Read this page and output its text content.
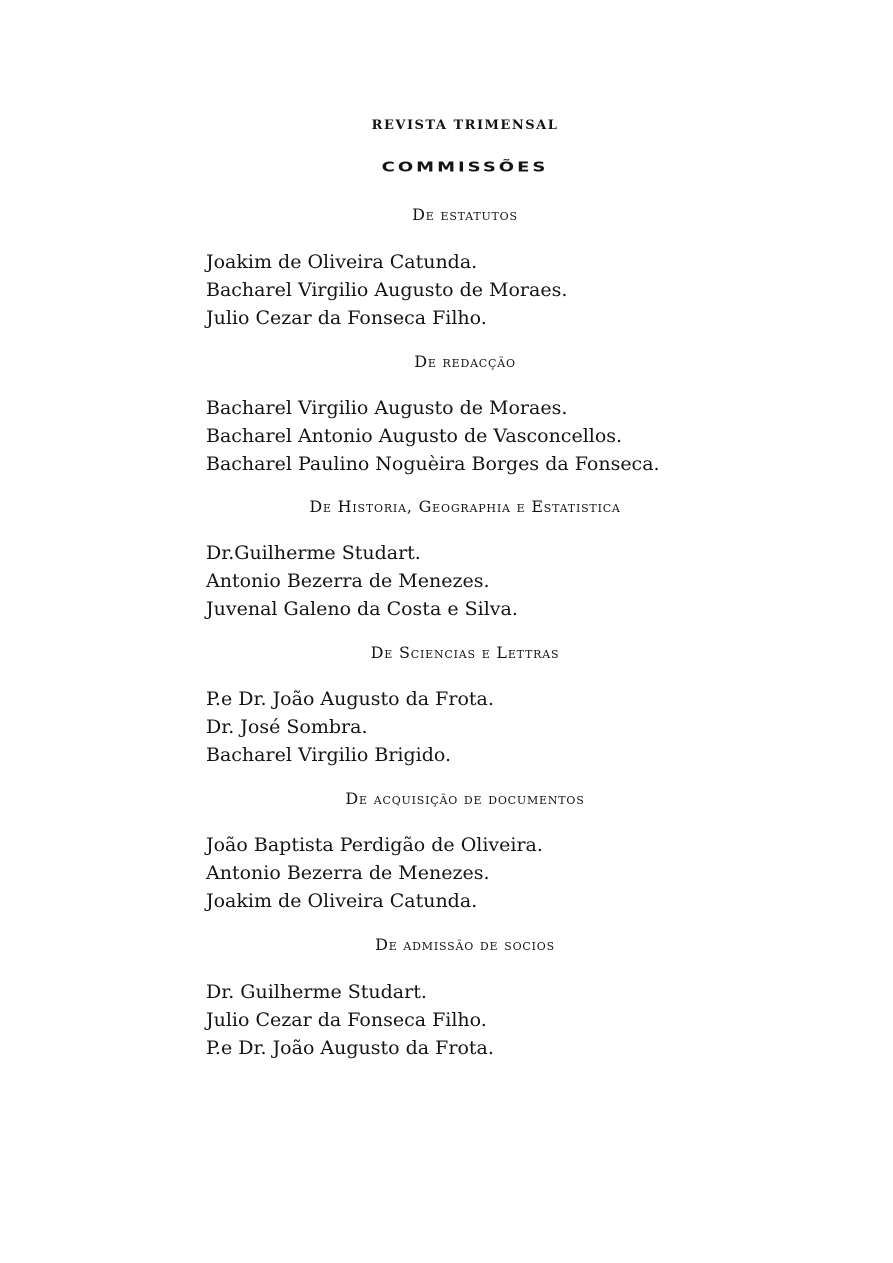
REVISTA TRIMENSAL
COMMISSÕES
De estatutos
Joakim de Oliveira Catunda.
Bacharel Virgilio Augusto de Moraes.
Julio Cezar da Fonseca Filho.
De redacção
Bacharel Virgilio Augusto de Moraes.
Bacharel Antonio Augusto de Vasconcellos.
Bacharel Paulino Noguèira Borges da Fonseca.
De Historia, Geographia e Estatistica
Dr.Guilherme Studart.
Antonio Bezerra de Menezes.
Juvenal Galeno da Costa e Silva.
De Sciencias e Lettras
P.e Dr. João Augusto da Frota.
Dr. José Sombra.
Bacharel Virgilio Brigido.
De acquisição de documentos
João Baptista Perdigão de Oliveira.
Antonio Bezerra de Menezes.
Joakim de Oliveira Catunda.
De admissão de socios
Dr. Guilherme Studart.
Julio Cezar da Fonseca Filho.
P.e Dr. João Augusto da Frota.
